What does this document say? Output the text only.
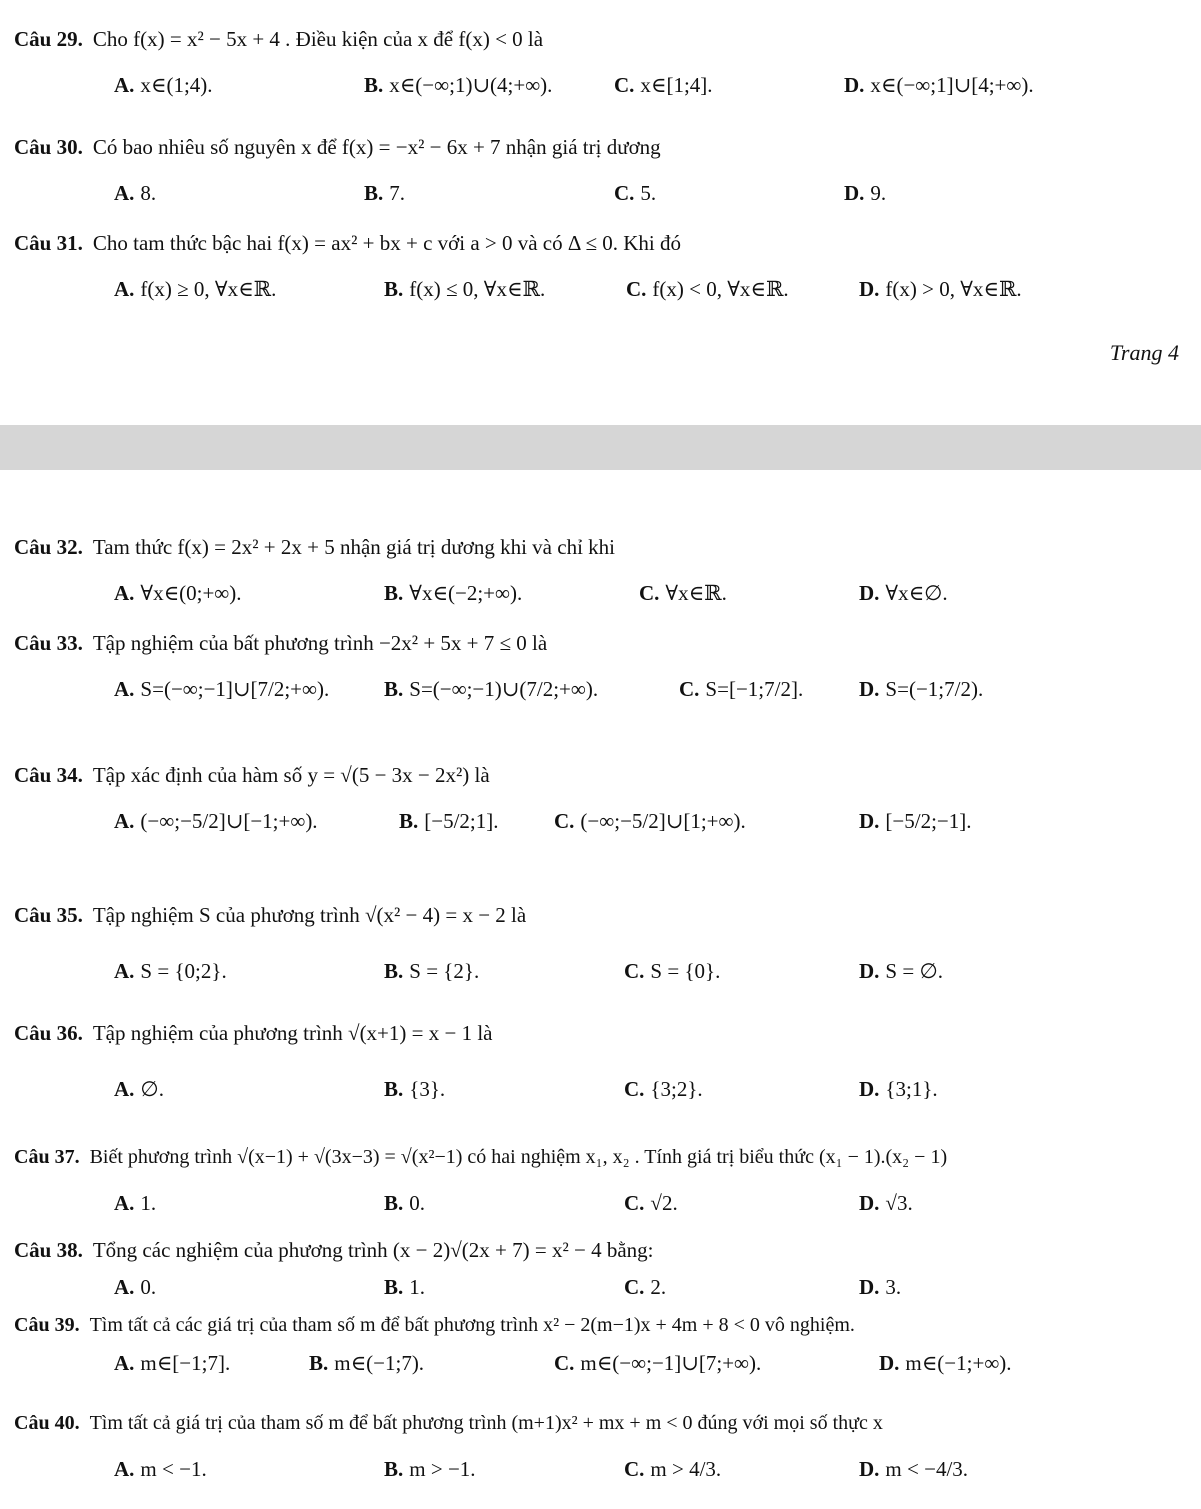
Câu 29. Cho f(x) = x² − 5x + 4 . Điều kiện của x để f(x) < 0 là
A. x∈(1;4).	B. x∈(−∞;1)∪(4;+∞).	C. x∈[1;4].	D. x∈(−∞;1]∪[4;+∞).
Câu 30. Có bao nhiêu số nguyên x để f(x) = −x² − 6x + 7 nhận giá trị dương
A. 8.	B. 7.	C. 5.	D. 9.
Câu 31. Cho tam thức bậc hai f(x) = ax² + bx + c với a > 0 và có Δ ≤ 0. Khi đó
A. f(x) ≥ 0, ∀x∈ℝ.	B. f(x) ≤ 0, ∀x∈ℝ.	C. f(x) < 0, ∀x∈ℝ.	D. f(x) > 0, ∀x∈ℝ.
Trang 4
Câu 32. Tam thức f(x) = 2x² + 2x + 5 nhận giá trị dương khi và chỉ khi
A. ∀x∈(0;+∞).	B. ∀x∈(−2;+∞).	C. ∀x∈ℝ.	D. ∀x∈∅.
Câu 33. Tập nghiệm của bất phương trình −2x² + 5x + 7 ≤ 0 là
A. S=(−∞;−1]∪[7/2;+∞).	B. S=(−∞;−1)∪(7/2;+∞).	C. S=[−1;7/2].	D. S=(−1;7/2).
Câu 34. Tập xác định của hàm số y = √(5 − 3x − 2x²) là
A. (−∞;−5/2]∪[−1;+∞).	B. [−5/2;1].	C. (−∞;−5/2]∪[1;+∞).	D. [−5/2;−1].
Câu 35. Tập nghiệm S của phương trình √(x² − 4) = x − 2 là
A. S = {0;2}.	B. S = {2}.	C. S = {0}.	D. S = ∅.
Câu 36. Tập nghiệm của phương trình √(x+1) = x − 1 là
A. ∅.	B. {3}.	C. {3;2}.	D. {3;1}.
Câu 37. Biết phương trình √(x−1) + √(3x−3) = √(x²−1) có hai nghiệm x₁, x₂ . Tính giá trị biểu thức (x₁ − 1).(x₂ − 1)
A. 1.	B. 0.	C. √2.	D. √3.
Câu 38. Tổng các nghiệm của phương trình (x − 2)√(2x + 7) = x² − 4 bằng:
A. 0.	B. 1.	C. 2.	D. 3.
Câu 39. Tìm tất cả các giá trị của tham số m để bất phương trình x² − 2(m−1)x + 4m + 8 < 0 vô nghiệm.
A. m∈[−1;7].	B. m∈(−1;7).	C. m∈(−∞;−1]∪[7;+∞).	D. m∈(−1;+∞).
Câu 40. Tìm tất cả giá trị của tham số m để bất phương trình (m+1)x² + mx + m < 0 đúng với mọi số thực x
A. m < −1.	B. m > −1.	C. m > 4/3.	D. m < −4/3.
